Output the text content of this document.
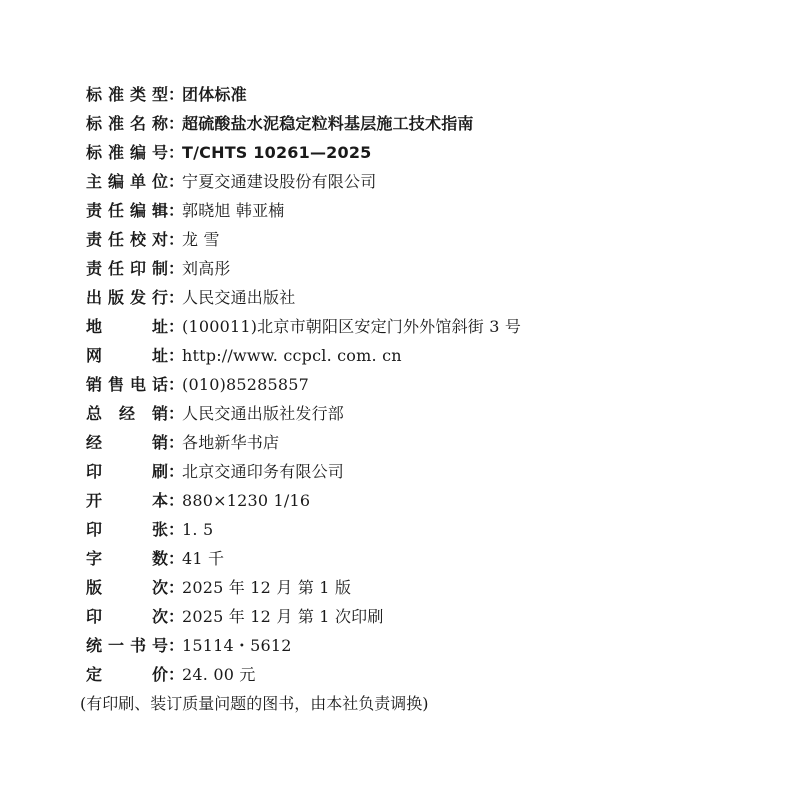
标准类型：团体标准
标准名称：超硫酸盐水泥稳定粒料基层施工技术指南
标准编号：T/CHTS 10261—2025
主编单位：宁夏交通建设股份有限公司
责任编辑：郭晓旭 韩亚楠
责任校对：龙 雪
责任印制：刘高彤
出版发行：人民交通出版社
地址：(100011)北京市朝阳区安定门外外馆斜街 3 号
网址：http://www. ccpcl. com. cn
销售电话：(010)85285857
总经销：人民交通出版社发行部
经销：各地新华书店
印刷：北京交通印务有限公司
开本：880×1230 1/16
印张：1. 5
字数：41 千
版次：2025 年 12 月 第 1 版
印次：2025 年 12 月 第 1 次印刷
统一书号：15114・5612
定价：24. 00 元
(有印刷、装订质量问题的图书，由本社负责调换)
